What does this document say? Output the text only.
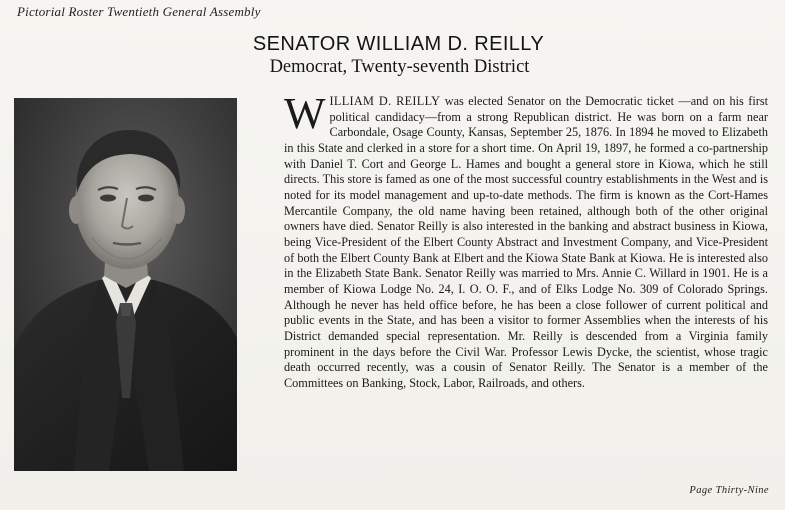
Pictorial Roster Twentieth General Assembly
SENATOR WILLIAM D. REILLY
Democrat, Twenty-seventh District
WILLIAM D. REILLY was elected Senator on the Democratic ticket —and on his first political candidacy—from a strong Republican district. He was born on a farm near Carbondale, Osage County, Kansas, September 25, 1876. In 1894 he moved to Elizabeth in this State and clerked in a store for a short time. On April 19, 1897, he formed a co-partnership with Daniel T. Cort and George L. Hames and bought a general store in Kiowa, which he still directs. This store is famed as one of the most successful country establishments in the West and is noted for its model management and up-to-date methods. The firm is known as the Cort-Hames Mercantile Company, the old name having been retained, although both of the other original owners have died. Senator Reilly is also interested in the banking and abstract business in Kiowa, being Vice-President of the Elbert County Abstract and Investment Company, and Vice-President of both the Elbert County Bank at Elbert and the Kiowa State Bank at Kiowa. He is interested also in the Elizabeth State Bank. Senator Reilly was married to Mrs. Annie C. Willard in 1901. He is a member of Kiowa Lodge No. 24, I. O. O. F., and of Elks Lodge No. 309 of Colorado Springs. Although he never has held office before, he has been a close follower of current political and public events in the State, and has been a visitor to former Assemblies when the interests of his District demanded special representation. Mr. Reilly is descended from a Virginia family prominent in the days before the Civil War. Professor Lewis Dycke, the scientist, whose tragic death occurred recently, was a cousin of Senator Reilly. The Senator is a member of the Committees on Banking, Stock, Labor, Railroads, and others.
Page Thirty-Nine
